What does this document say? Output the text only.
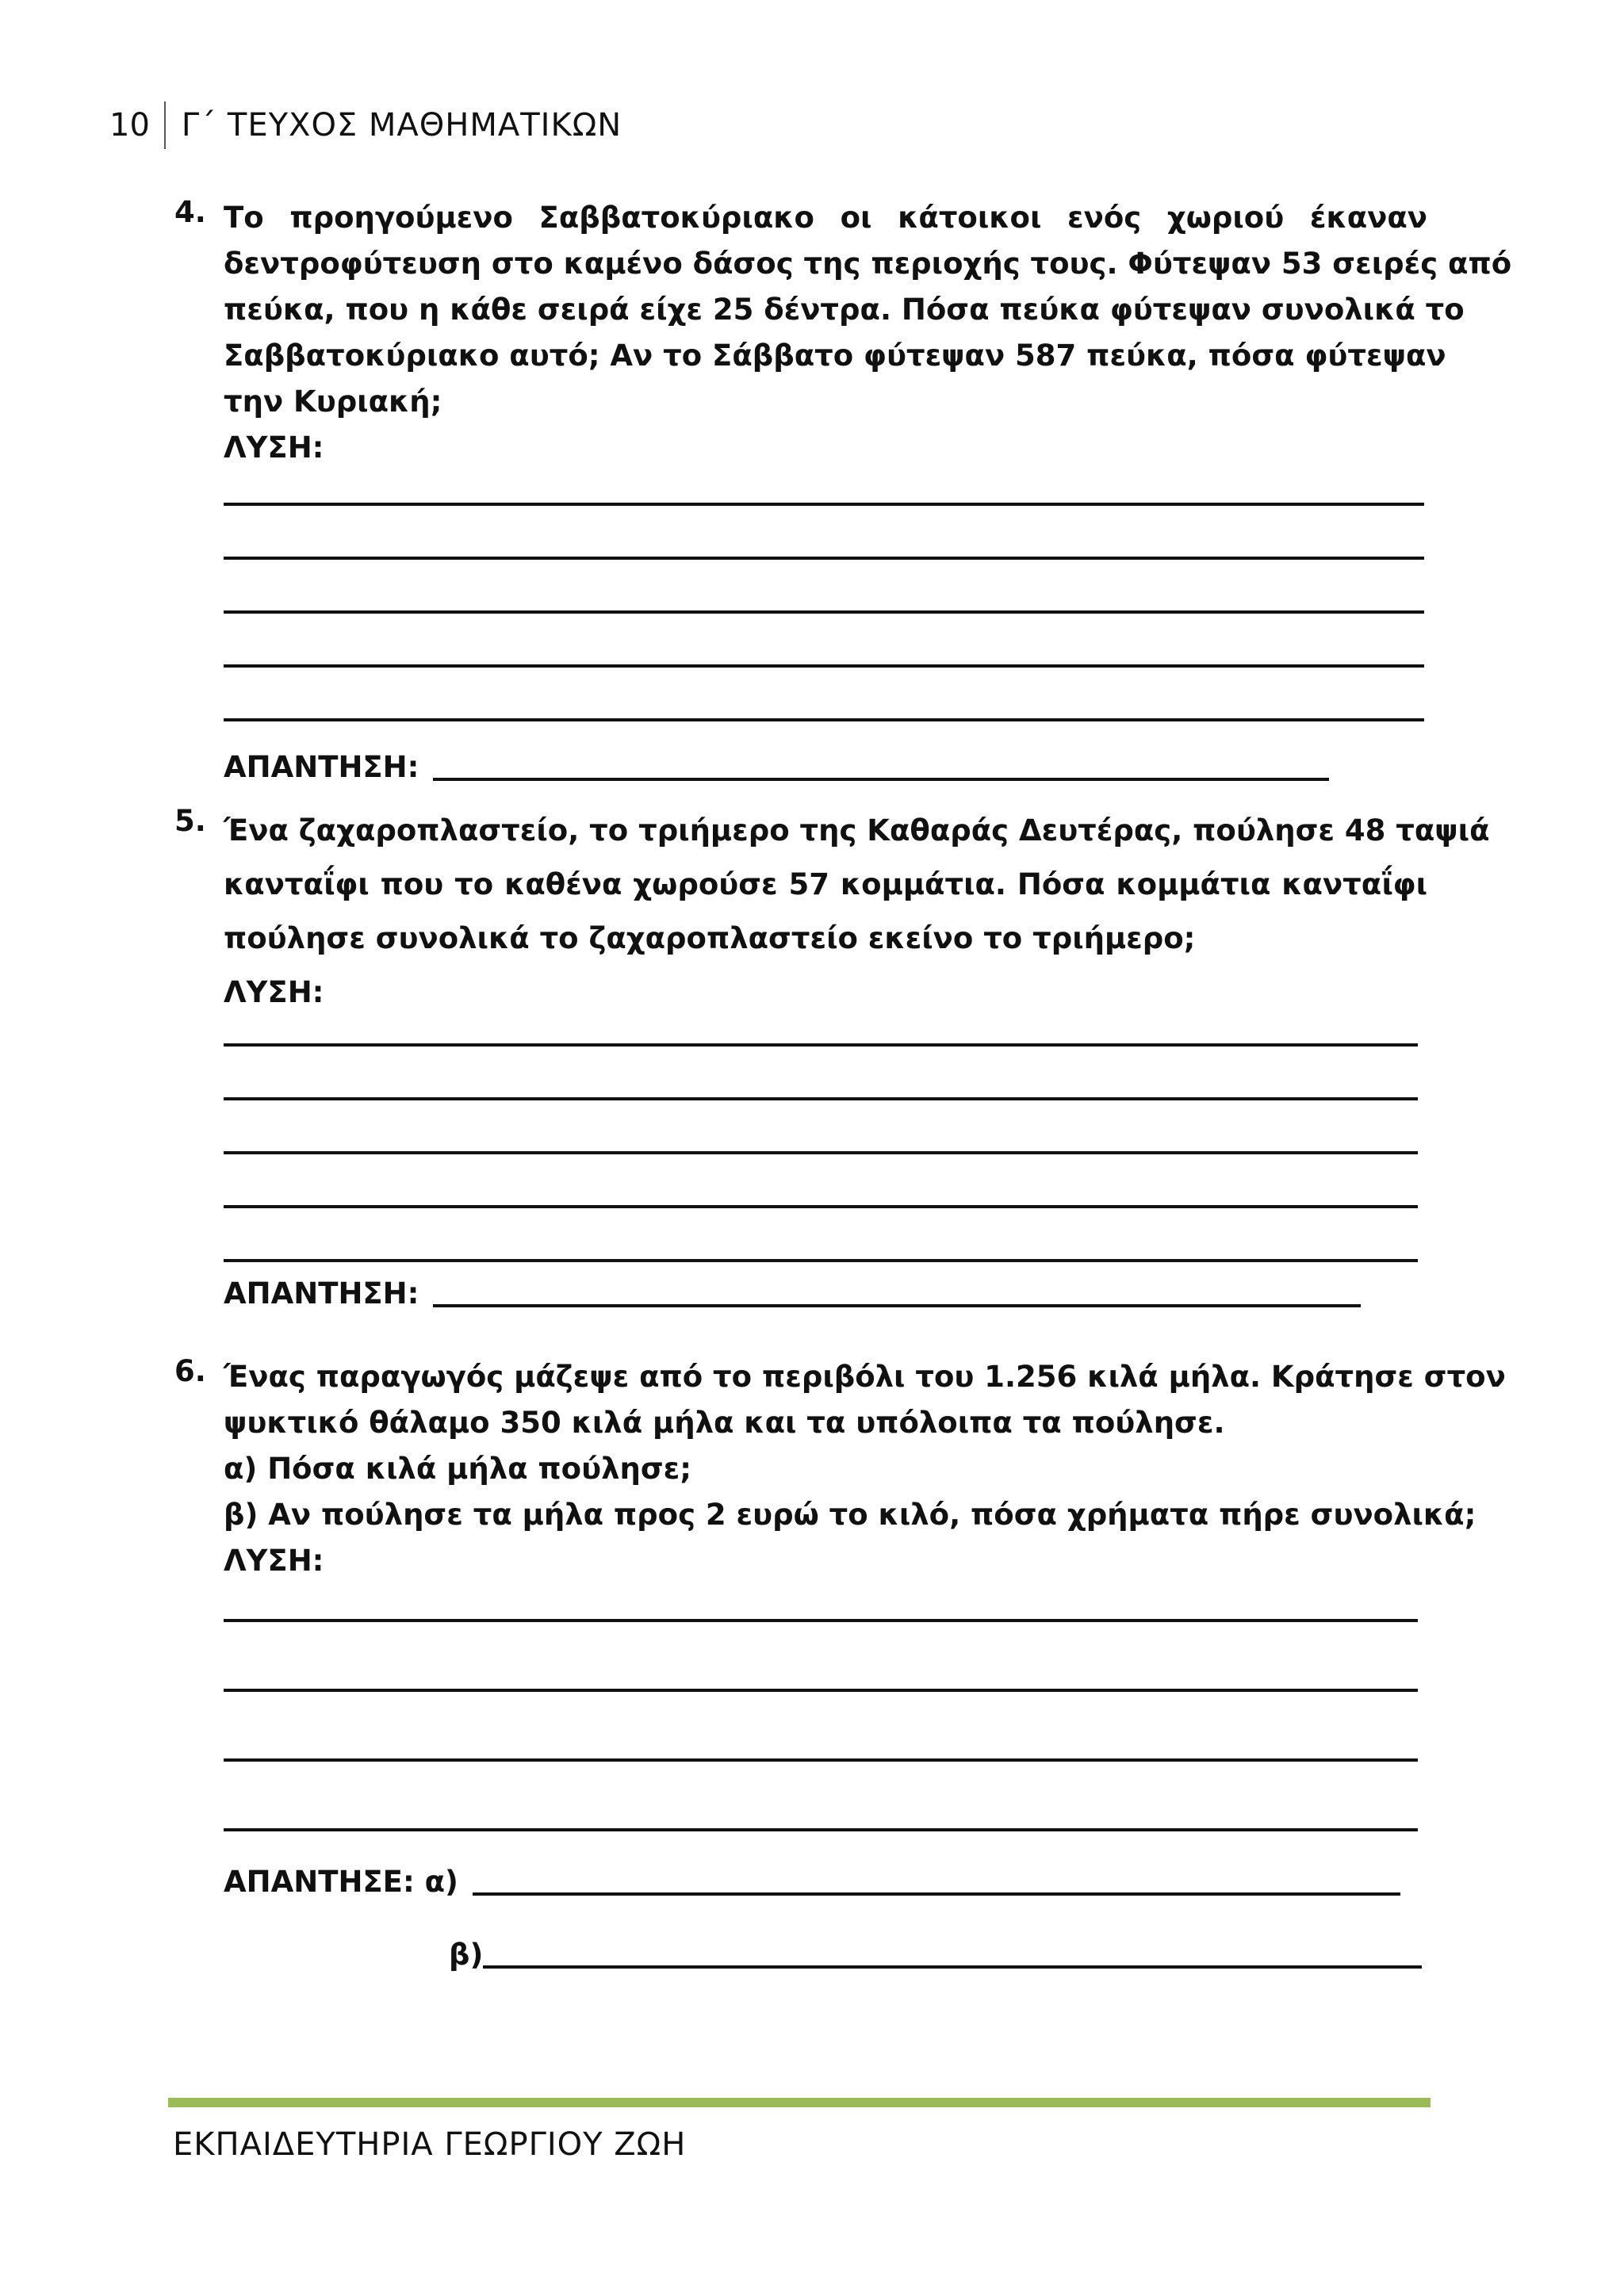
10	Γ΄ ΤΕΥΧΟΣ ΜΑΘΗΜΑΤΙΚΩΝ
4. Το προηγούμενο Σαββατοκύριακο οι κάτοικοι ενός χωριού έκαναν
δεντροφύτευση στο καμένο δάσος της περιοχής τους. Φύτεψαν 53 σειρές από
πεύκα, που η κάθε σειρά είχε 25 δέντρα. Πόσα πεύκα φύτεψαν συνολικά το
Σαββατοκύριακο αυτό; Αν το Σάββατο φύτεψαν 587 πεύκα, πόσα φύτεψαν
την Κυριακή;
ΛΥΣΗ:
ΑΠΑΝΤΗΣΗ:
5. Ένα ζαχαροπλαστείο, το τριήμερο της Καθαράς Δευτέρας, πούλησε 48 ταψιά
κανταΐφι που το καθένα χωρούσε 57 κομμάτια. Πόσα κομμάτια κανταΐφι
πούλησε συνολικά το ζαχαροπλαστείο εκείνο το τριήμερο;
ΛΥΣΗ:
ΑΠΑΝΤΗΣΗ:
6. Ένας παραγωγός μάζεψε από το περιβόλι του 1.256 κιλά μήλα. Κράτησε στον
ψυκτικό θάλαμο 350 κιλά μήλα και τα υπόλοιπα τα πούλησε.
α) Πόσα κιλά μήλα πούλησε;
β) Αν πούλησε τα μήλα προς 2 ευρώ το κιλό, πόσα χρήματα πήρε συνολικά;
ΛΥΣΗ:
ΑΠΑΝΤΗΣΕ: α)
β)
ΕΚΠΑΙΔΕΥΤΗΡΙΑ ΓΕΩΡΓΙΟΥ ΖΩΗ
